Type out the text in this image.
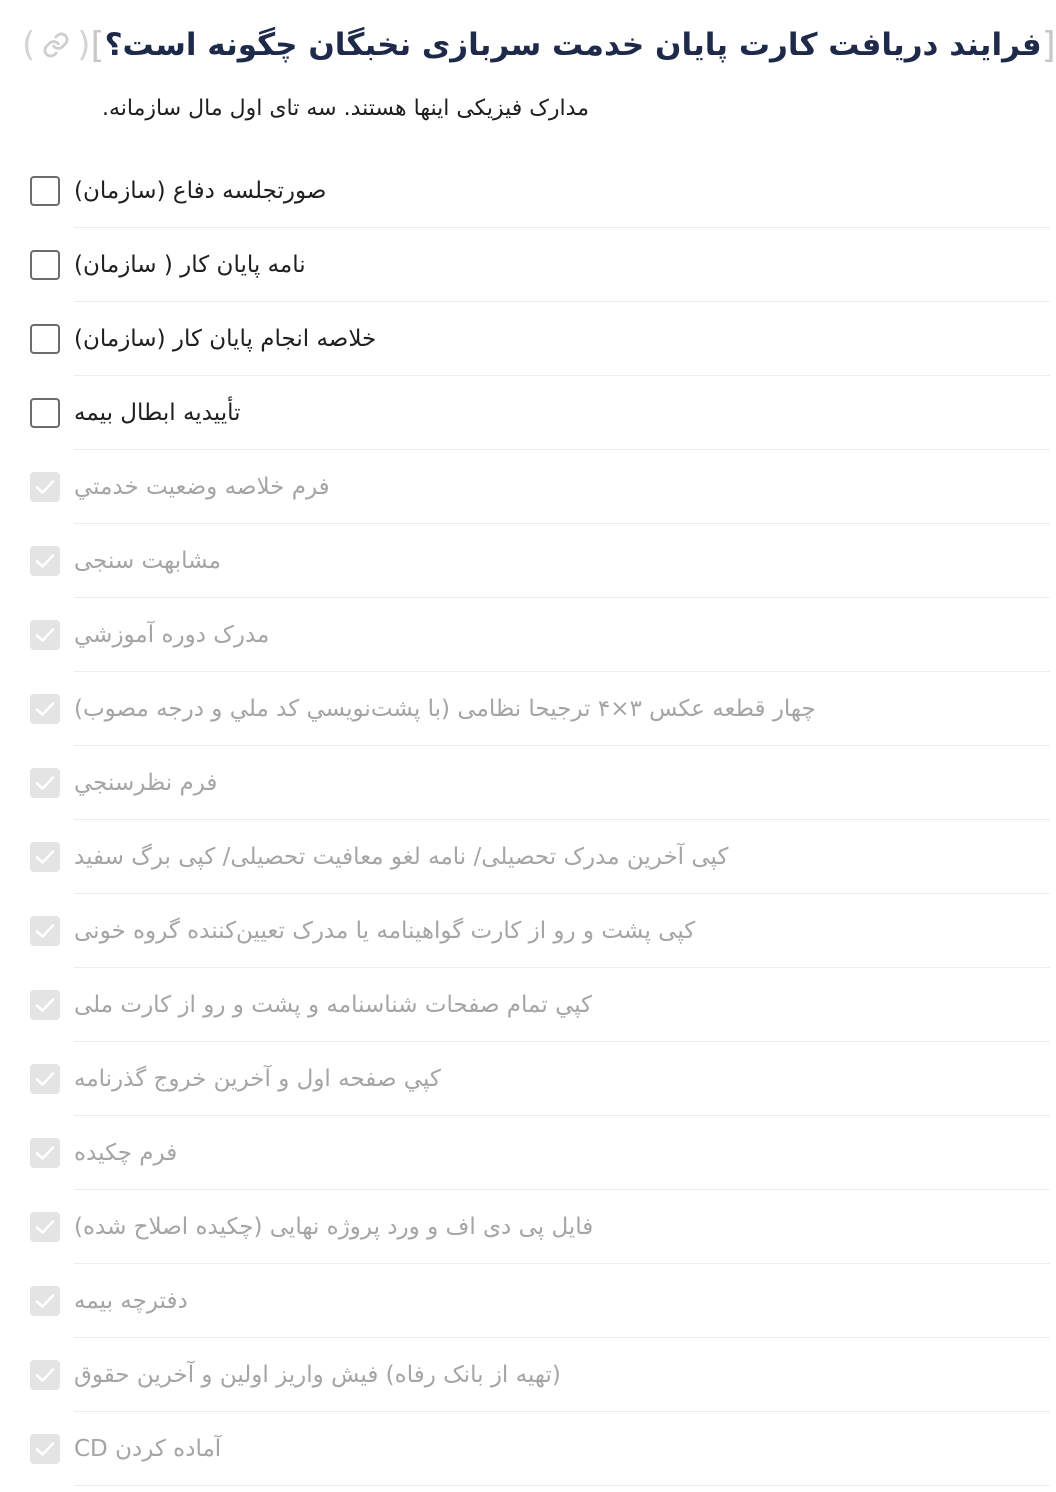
( )	[
فرایند دریافت کارت پایان خدمت سربازی نخبگان چگونه است؟
]
مدارک فیزیکی اینها هستند. سه تای اول مال سازمانه.
صورتجلسه دفاع (سازمان)
نامه پایان کار ( سازمان)
خلاصه انجام پایان کار (سازمان)
تأییدیه ابطال بیمه
فرم خلاصه وضعیت خدمتي
مشابهت سنجی
مدرک دوره آموزشي
چهار قطعه عکس ۳×۴ ترجیحا نظامی (با پشت‌نویسي کد ملي و درجه مصوب)
فرم نظرسنجي
کپی آخرین مدرک تحصیلی/ نامه لغو معافیت تحصیلی/ کپی برگ سفید
کپی پشت و رو از کارت گواهینامه یا مدرک تعیین‌کننده گروه خونی
کپي تمام صفحات شناسنامه و پشت و رو از کارت ملی
کپي صفحه اول و آخرین خروج گذرنامه
فرم چکیده
فایل پی دی اف و ورد پروژه نهایی (چکیده اصلاح شده)
دفترچه بیمه
(تهیه از بانک رفاه) فیش واریز اولین و آخرین حقوق
آماده کردن CD
